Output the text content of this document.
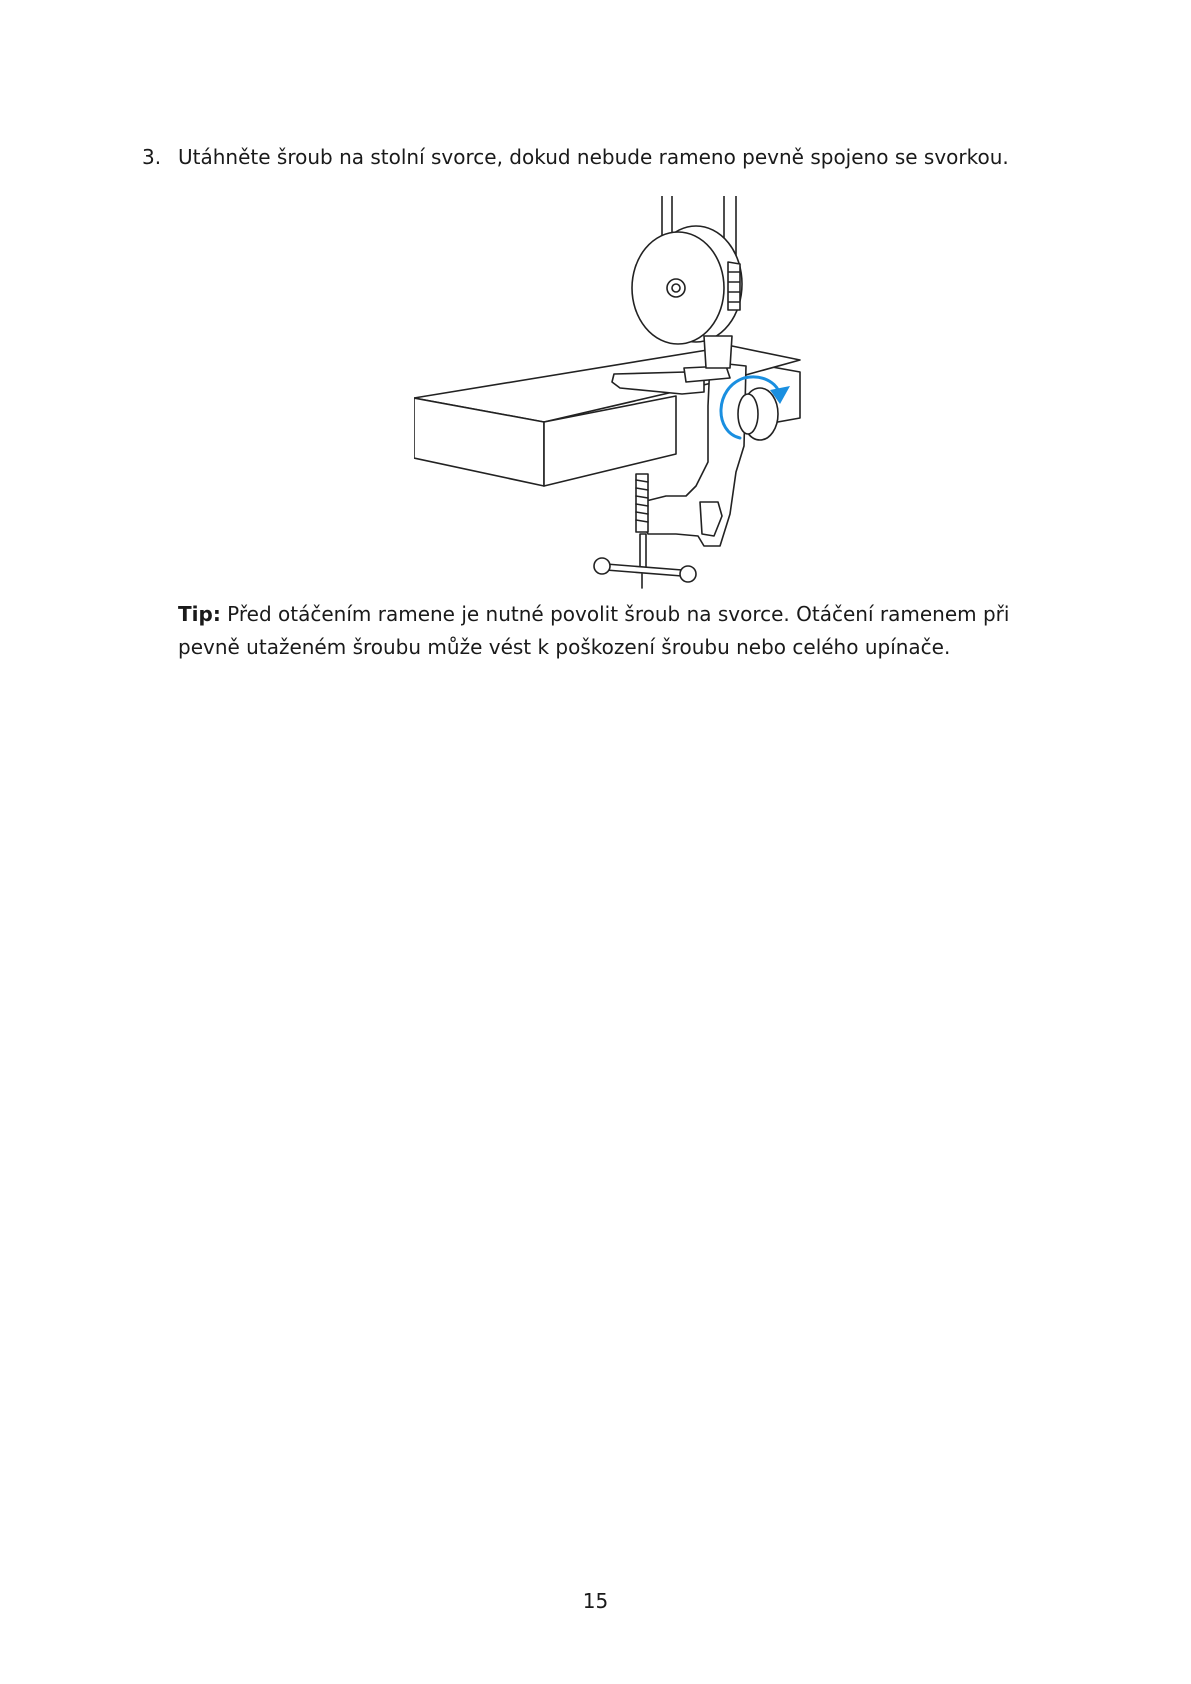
3. Utáhněte šroub na stolní svorce, dokud nebude rameno pevně spojeno se svorkou.
Tip: Před otáčením ramene je nutné povolit šroub na svorce. Otáčení ramenem při pevně utaženém šroubu může vést k poškození šroubu nebo celého upínače.
15
